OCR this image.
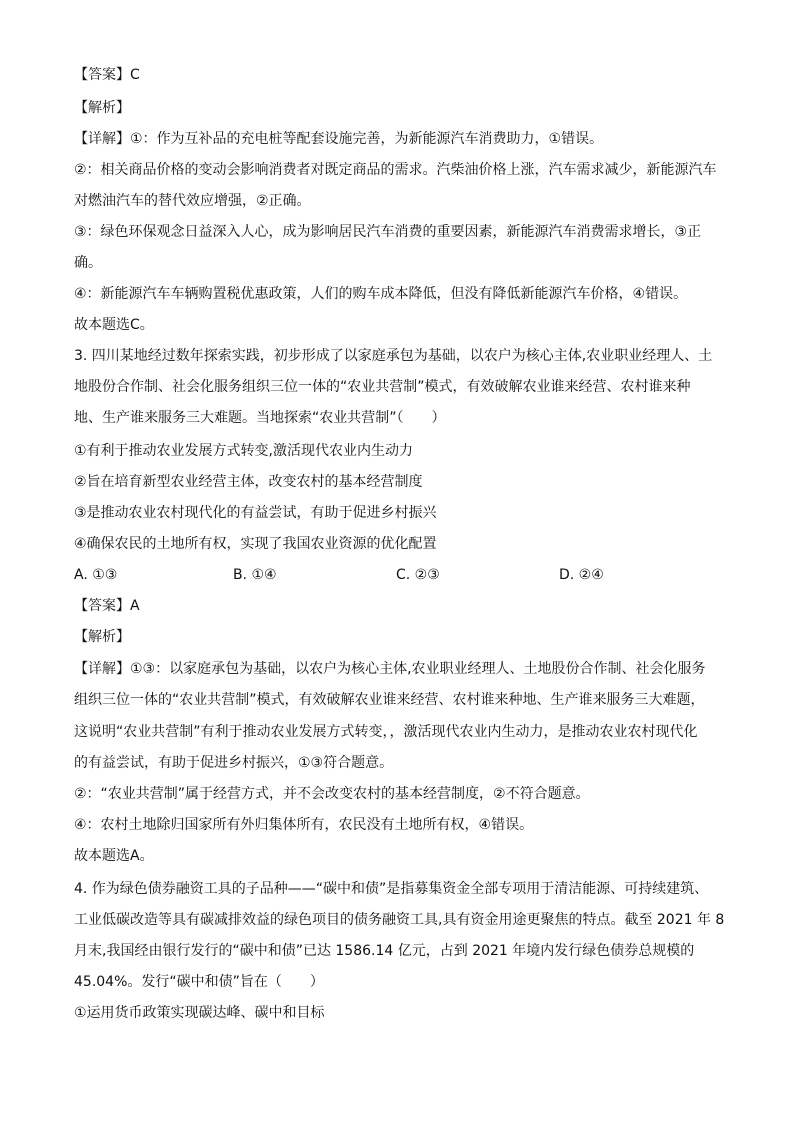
【答案】C
【解析】
【详解】①：作为互补品的充电桩等配套设施完善，为新能源汽车消费助力，①错误。
②：相关商品价格的变动会影响消费者对既定商品的需求。汽柴油价格上涨，汽车需求减少，新能源汽车
对燃油汽车的替代效应增强，②正确。
③：绿色环保观念日益深入人心，成为影响居民汽车消费的重要因素，新能源汽车消费需求增长，③正
确。
④：新能源汽车车辆购置税优惠政策，人们的购车成本降低，但没有降低新能源汽车价格，④错误。
故本题选C。
3. 四川某地经过数年探索实践，初步形成了以家庭承包为基础，以农户为核心主体,农业职业经理人、土
地股份合作制、社会化服务组织三位一体的“农业共营制”模式，有效破解农业谁来经营、农村谁来种
地、生产谁来服务三大难题。当地探索“农业共营制”（　　）
①有利于推动农业发展方式转变,激活现代农业内生动力
②旨在培育新型农业经营主体，改变农村的基本经营制度
③是推动农业农村现代化的有益尝试，有助于促进乡村振兴
④确保农民的土地所有权，实现了我国农业资源的优化配置
A. ①③	B. ①④	C. ②③	D. ②④
【答案】A
【解析】
【详解】①③：以家庭承包为基础，以农户为核心主体,农业职业经理人、土地股份合作制、社会化服务
组织三位一体的“农业共营制”模式，有效破解农业谁来经营、农村谁来种地、生产谁来服务三大难题，
这说明“农业共营制”有利于推动农业发展方式转变，，激活现代农业内生动力，是推动农业农村现代化
的有益尝试，有助于促进乡村振兴，①③符合题意。
②：“农业共营制”属于经营方式，并不会改变农村的基本经营制度，②不符合题意。
④：农村土地除归国家所有外归集体所有，农民没有土地所有权，④错误。
故本题选A。
4. 作为绿色债券融资工具的子品种——“碳中和债”是指募集资金全部专项用于清洁能源、可持续建筑、
工业低碳改造等具有碳减排效益的绿色项目的债务融资工具,具有资金用途更聚焦的特点。截至 2021 年 8
月末,我国经由银行发行的“碳中和债”已达 1586.14 亿元，占到 2021 年境内发行绿色债券总规模的
45.04%。发行“碳中和债”旨在（　　）
①运用货币政策实现碳达峰、碳中和目标
